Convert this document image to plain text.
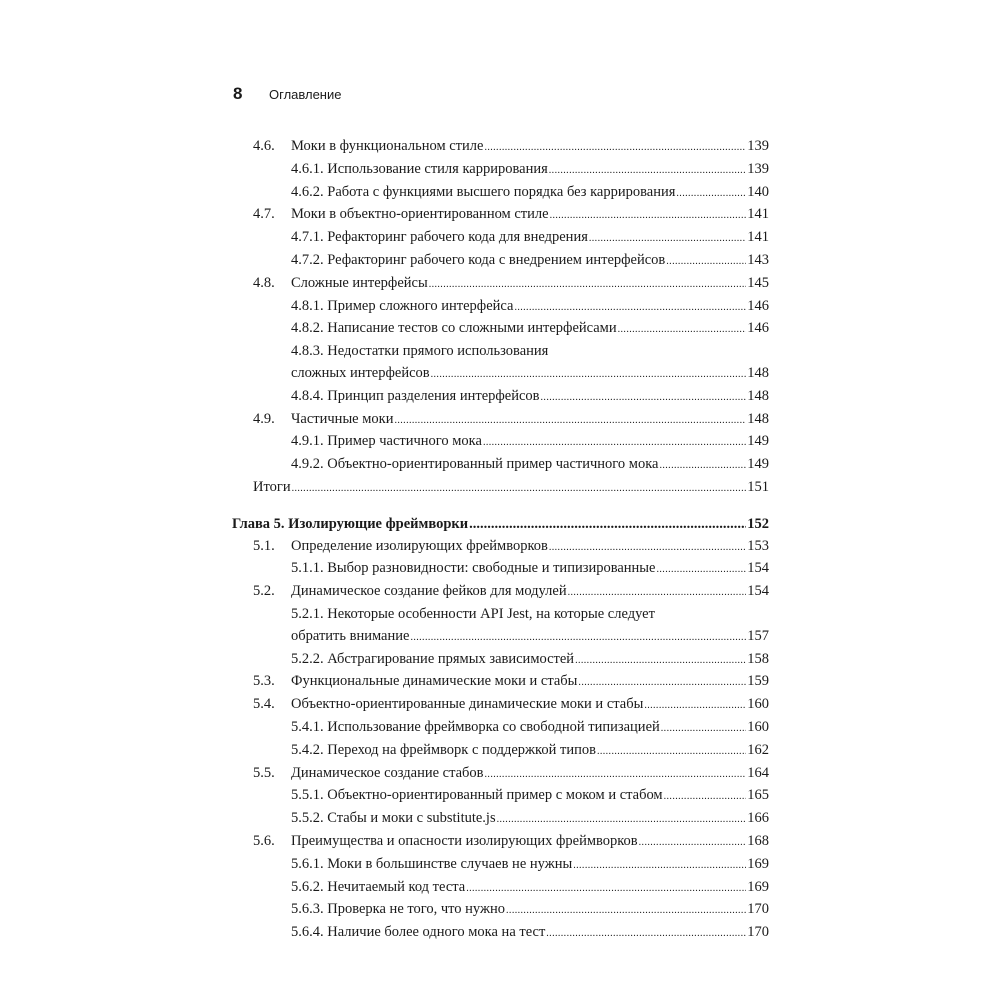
8	Оглавление
4.6.	Моки в функциональном стиле .....	139
4.6.1. Использование стиля каррирования .....	139
4.6.2. Работа с функциями высшего порядка без каррирования .....	140
4.7.	Моки в объектно-ориентированном стиле .....	141
4.7.1. Рефакторинг рабочего кода для внедрения .....	141
4.7.2. Рефакторинг рабочего кода с внедрением интерфейсов .....	143
4.8.	Сложные интерфейсы .....	145
4.8.1. Пример сложного интерфейса .....	146
4.8.2. Написание тестов со сложными интерфейсами .....	146
4.8.3. Недостатки прямого использования
сложных интерфейсов .....	148
4.8.4. Принцип разделения интерфейсов .....	148
4.9.	Частичные моки .....	148
4.9.1. Пример частичного мока .....	149
4.9.2. Объектно-ориентированный пример частичного мока .....	149
Итоги .....	151
Глава 5. Изолирующие фреймворки .....	152
5.1.	Определение изолирующих фреймворков .....	153
5.1.1. Выбор разновидности: свободные и типизированные .....	154
5.2.	Динамическое создание фейков для модулей .....	154
5.2.1. Некоторые особенности API Jest, на которые следует
обратить внимание .....	157
5.2.2. Абстрагирование прямых зависимостей .....	158
5.3.	Функциональные динамические моки и стабы .....	159
5.4.	Объектно-ориентированные динамические моки и стабы .....	160
5.4.1. Использование фреймворка со свободной типизацией .....	160
5.4.2. Переход на фреймворк с поддержкой типов .....	162
5.5.	Динамическое создание стабов .....	164
5.5.1. Объектно-ориентированный пример с моком и стабом .....	165
5.5.2. Стабы и моки с substitute.js .....	166
5.6.	Преимущества и опасности изолирующих фреймворков .....	168
5.6.1. Моки в большинстве случаев не нужны .....	169
5.6.2. Нечитаемый код теста .....	169
5.6.3. Проверка не того, что нужно .....	170
5.6.4. Наличие более одного мока на тест .....	170
